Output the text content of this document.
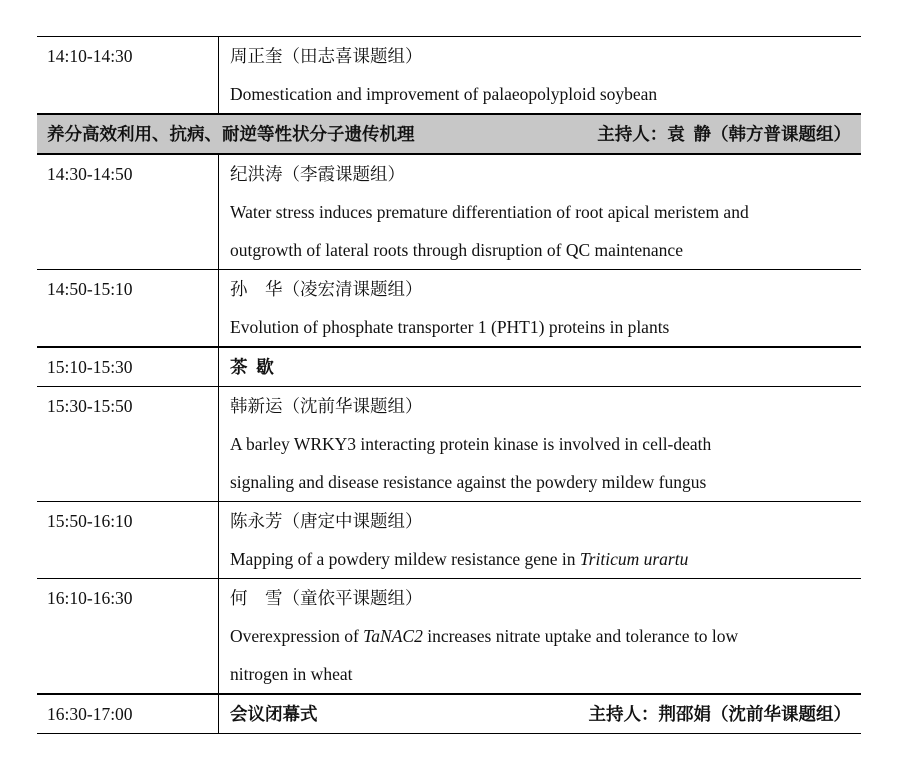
14:10-14:30	周正奎（田志喜课题组）
Domestication and improvement of palaeopolyploid soybean

养分高效利用、抗病、耐逆等性状分子遗传机理 主持人：袁  静（韩方普课题组）	

14:30-14:50	纪洪涛（李霞课题组）
Water stress induces premature differentiation of root apical meristem and
outgrowth of lateral roots through disruption of QC maintenance

14:50-15:10	孙    华（凌宏清课题组）
Evolution of phosphate transporter 1 (PHT1) proteins in plants

15:10-15:30	茶  歇

15:30-15:50	韩新运（沈前华课题组）
A barley WRKY3 interacting protein kinase is involved in cell-death
signaling and disease resistance against the powdery mildew fungus

15:50-16:10	陈永芳（唐定中课题组）
Mapping of a powdery mildew resistance gene in Triticum urartu

16:10-16:30	何    雪（童依平课题组）
Overexpression of TaNAC2 increases nitrate uptake and tolerance to low
nitrogen in wheat

16:30-17:00	会议闭幕式 主持人：荆邵娟（沈前华课题组）
